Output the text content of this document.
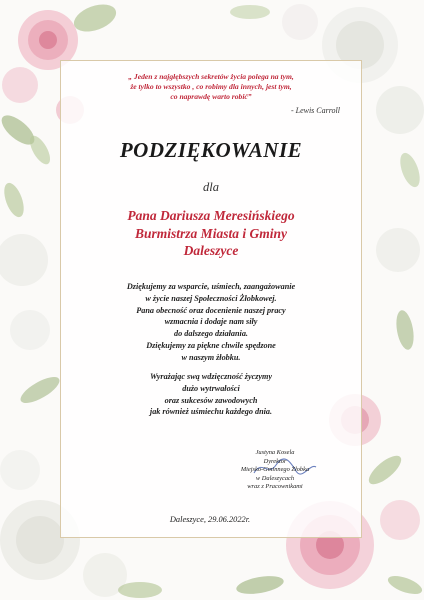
„ Jeden z najgłębszych sekretów życia polega na tym,
że tylko to wszystko , co robimy dla innych, jest tym,
co naprawdę warto robić”
- Lewis Carroll
PODZIĘKOWANIE
dla
Pana Dariusza Meresińskiego
Burmistrza Miasta i Gminy
Daleszyce
Dziękujemy za wsparcie, uśmiech, zaangażowanie
w życie naszej Społeczności Żłobkowej.
Pana obecność oraz docenienie naszej pracy
wzmacnia i dodaje nam siły
do dalszego działania.
Dziękujemy za piękne chwile spędzone
w naszym żłobku.
Wyrażając swą wdzięczność życzymy
dużo wytrwałości
oraz sukcesów zawodowych
jak również uśmiechu każdego dnia.
Justyna Kosela
Dyrektor
Miejsko-Gminnego Żłobka
w Daleszycach
wraz z Pracownikami
Daleszyce, 29.06.2022r.
